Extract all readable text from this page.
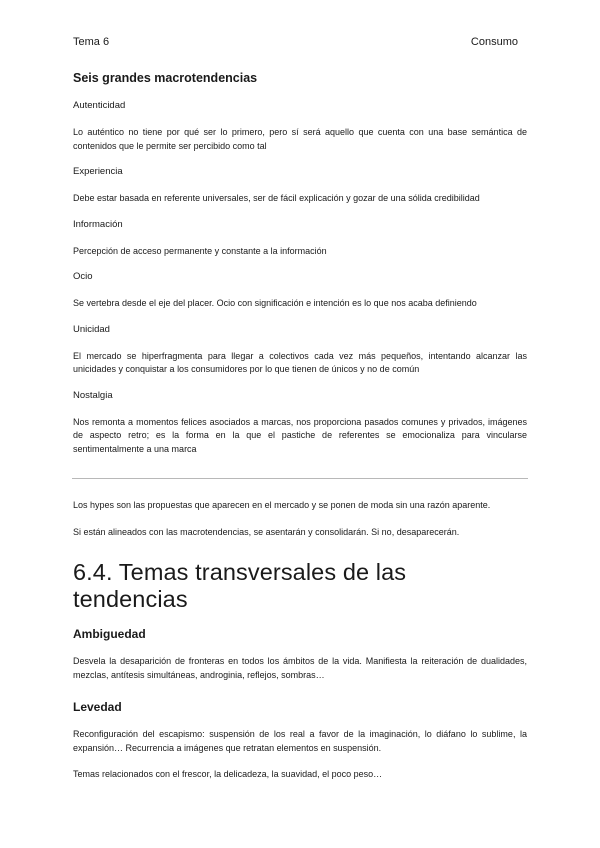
Tema 6	Consumo
Seis grandes macrotendencias
Autenticidad

Lo auténtico no tiene por qué ser lo primero, pero sí será aquello que cuenta con una base semántica de contenidos que le permite ser percibido como tal

Experiencia

Debe estar basada en referente universales, ser de fácil explicación y gozar de una sólida credibilidad

Información

Percepción de acceso permanente y constante a la información

Ocio

Se vertebra desde el eje del placer. Ocio con significación e intención es lo que nos acaba definiendo

Unicidad

El mercado se hiperfragmenta para llegar a colectivos cada vez más pequeños, intentando alcanzar las unicidades y conquistar a los consumidores por lo que tienen de únicos y no de común

Nostalgia

Nos remonta a momentos felices asociados a marcas, nos proporciona pasados comunes y privados, imágenes de aspecto retro; es la forma en la que el pastiche de referentes se emocionaliza para vincularse sentimentalmente a una marca

Los hypes son las propuestas que aparecen en el mercado y se ponen de moda sin una razón aparente.

Si están alineados con las macrotendencias, se asentarán y consolidarán. Si no, desaparecerán.

6.4. Temas transversales de las tendencias
Ambiguedad

Desvela la desaparición de fronteras en todos los ámbitos de la vida. Manifiesta la reiteración de dualidades, mezclas, antítesis simultáneas, androginia, reflejos, sombras…

Levedad

Reconfiguración del escapismo: suspensión de los real a favor de la imaginación, lo diáfano lo sublime, la expansión… Recurrencia a imágenes que retratan elementos en suspensión.

Temas relacionados con el frescor, la delicadeza, la suavidad, el poco peso…
